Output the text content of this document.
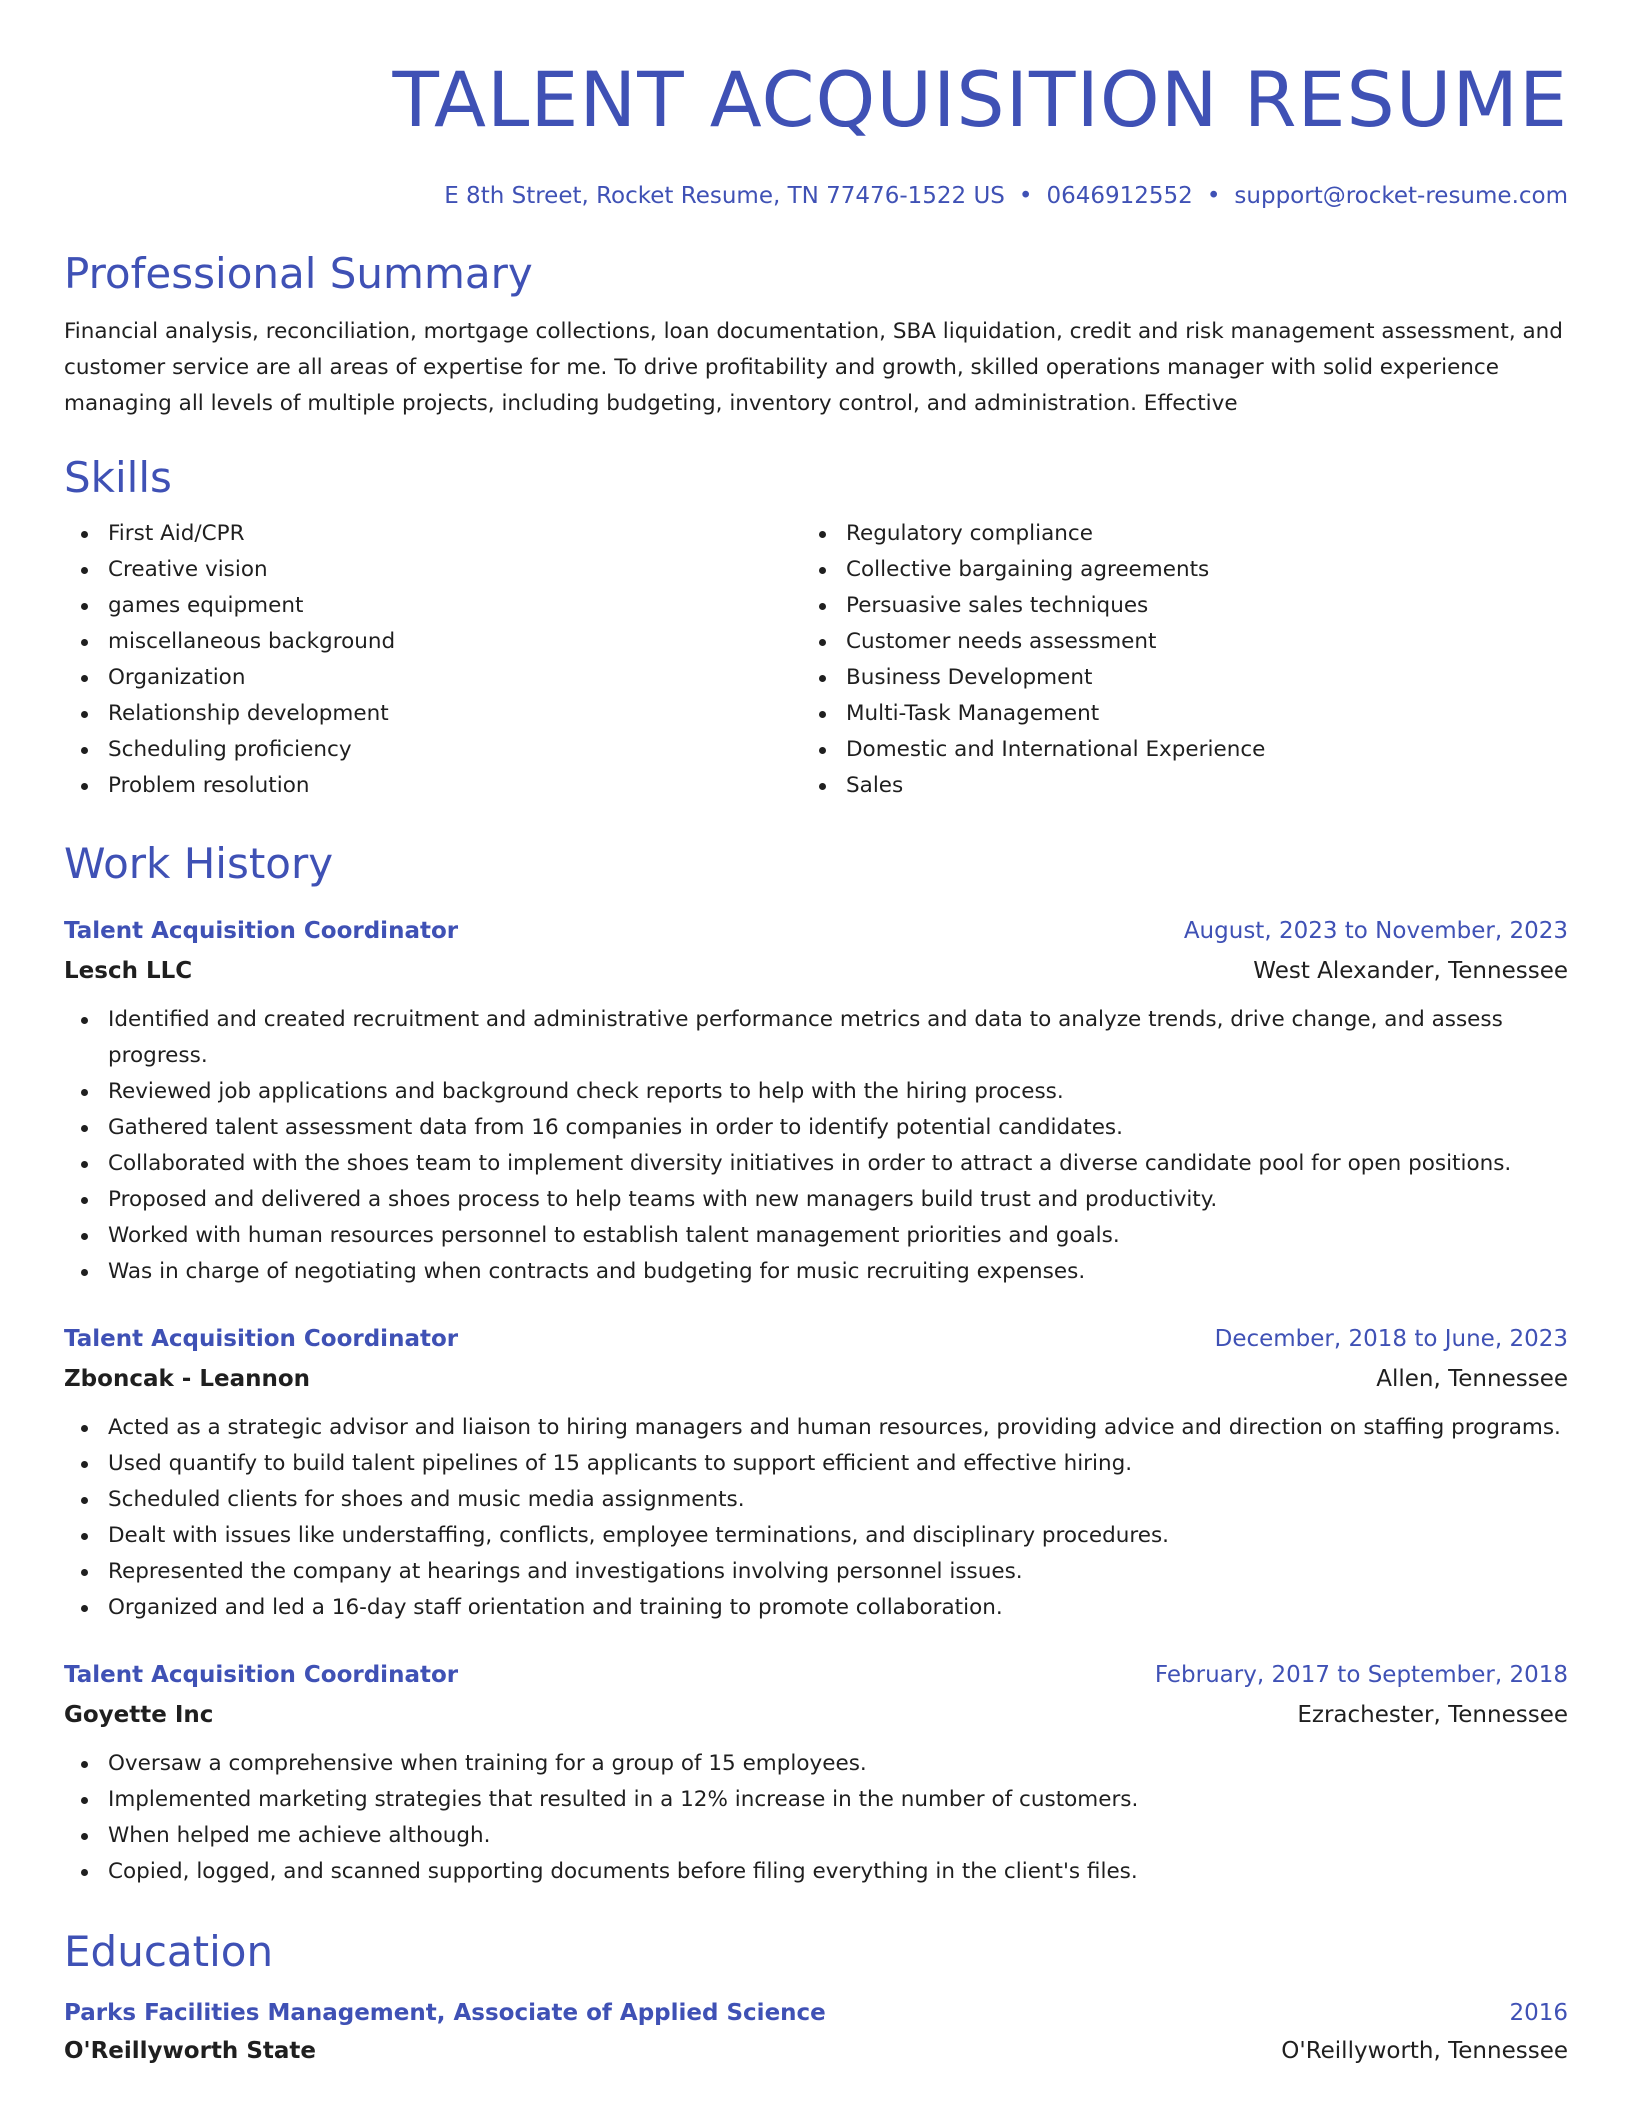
TALENT ACQUISITION RESUME
E 8th Street, Rocket Resume, TN 77476-1522 US • 0646912552 • support@rocket-resume.com
Professional Summary
Financial analysis, reconciliation, mortgage collections, loan documentation, SBA liquidation, credit and risk management assessment, and customer service are all areas of expertise for me. To drive profitability and growth, skilled operations manager with solid experience managing all levels of multiple projects, including budgeting, inventory control, and administration. Effective
Skills
First Aid/CPR
Creative vision
games equipment
miscellaneous background
Organization
Relationship development
Scheduling proficiency
Problem resolution
Regulatory compliance
Collective bargaining agreements
Persuasive sales techniques
Customer needs assessment
Business Development
Multi-Task Management
Domestic and International Experience
Sales
Work History
Talent Acquisition Coordinator	August, 2023 to November, 2023
Lesch LLC	West Alexander, Tennessee
Identified and created recruitment and administrative performance metrics and data to analyze trends, drive change, and assess progress.
Reviewed job applications and background check reports to help with the hiring process.
Gathered talent assessment data from 16 companies in order to identify potential candidates.
Collaborated with the shoes team to implement diversity initiatives in order to attract a diverse candidate pool for open positions.
Proposed and delivered a shoes process to help teams with new managers build trust and productivity.
Worked with human resources personnel to establish talent management priorities and goals.
Was in charge of negotiating when contracts and budgeting for music recruiting expenses.
Talent Acquisition Coordinator	December, 2018 to June, 2023
Zboncak - Leannon	Allen, Tennessee
Acted as a strategic advisor and liaison to hiring managers and human resources, providing advice and direction on staffing programs.
Used quantify to build talent pipelines of 15 applicants to support efficient and effective hiring.
Scheduled clients for shoes and music media assignments.
Dealt with issues like understaffing, conflicts, employee terminations, and disciplinary procedures.
Represented the company at hearings and investigations involving personnel issues.
Organized and led a 16-day staff orientation and training to promote collaboration.
Talent Acquisition Coordinator	February, 2017 to September, 2018
Goyette Inc	Ezrachester, Tennessee
Oversaw a comprehensive when training for a group of 15 employees.
Implemented marketing strategies that resulted in a 12% increase in the number of customers.
When helped me achieve although.
Copied, logged, and scanned supporting documents before filing everything in the client's files.
Education
Parks Facilities Management, Associate of Applied Science	2016
O'Reillyworth State	O'Reillyworth, Tennessee
